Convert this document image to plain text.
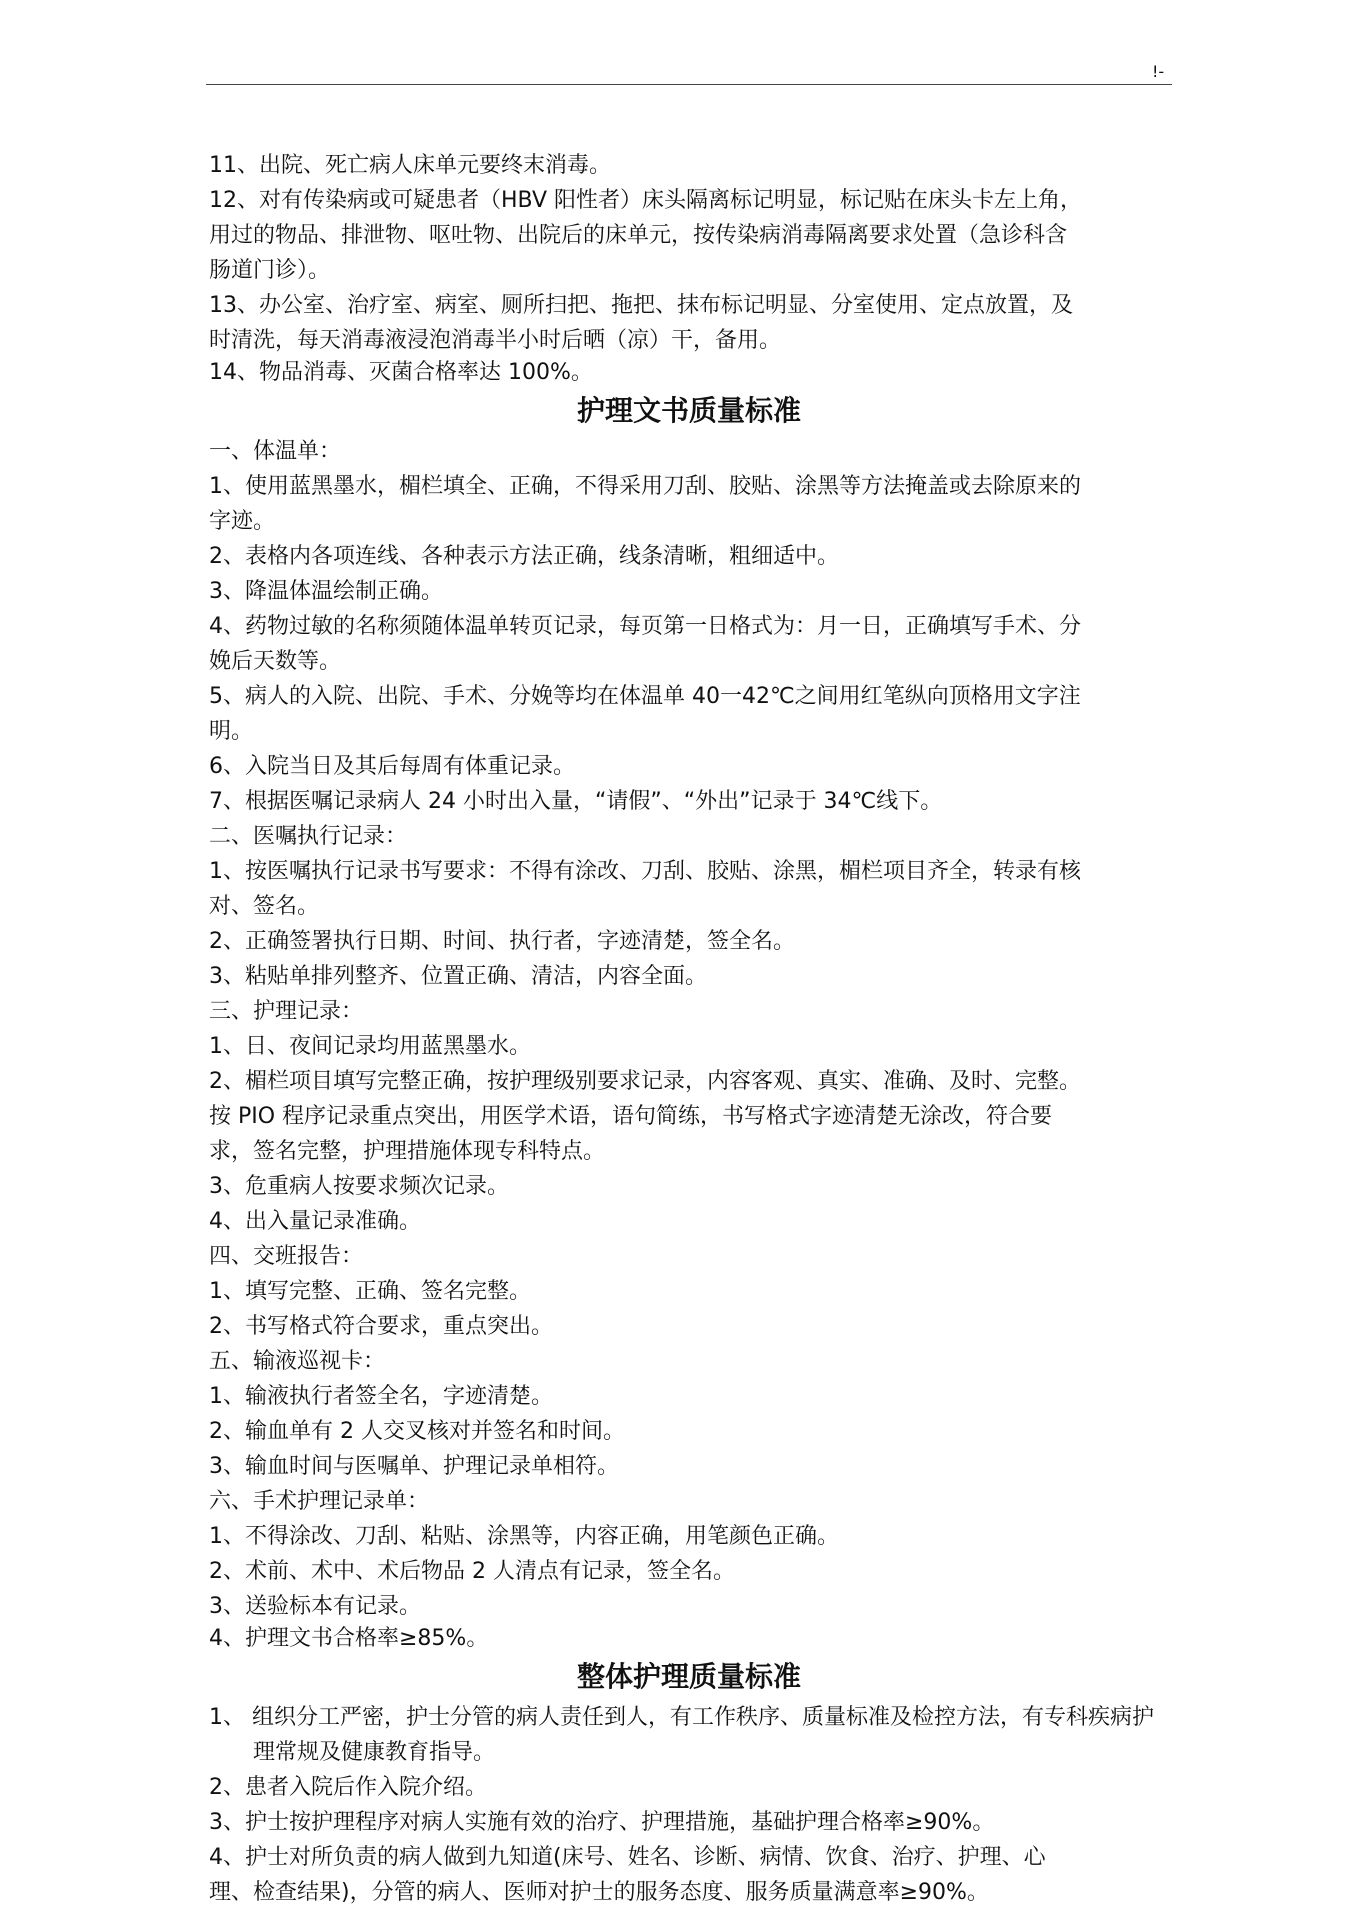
!-
11、出院、死亡病人床单元要终末消毒。
12、对有传染病或可疑患者（HBV 阳性者）床头隔离标记明显，标记贴在床头卡左上角，
用过的物品、排泄物、呕吐物、出院后的床单元，按传染病消毒隔离要求处置（急诊科含
肠道门诊）。
13、办公室、治疗室、病室、厕所扫把、拖把、抹布标记明显、分室使用、定点放置，及
时清洗，每天消毒液浸泡消毒半小时后晒（凉）干，备用。
14、物品消毒、灭菌合格率达 100%。
护理文书质量标准
一、体温单：
1、使用蓝黑墨水，楣栏填全、正确，不得采用刀刮、胶贴、涂黑等方法掩盖或去除原来的
字迹。
2、表格内各项连线、各种表示方法正确，线条清晰，粗细适中。
3、降温体温绘制正确。
4、药物过敏的名称须随体温单转页记录，每页第一日格式为：月一日，正确填写手术、分
娩后天数等。
5、病人的入院、出院、手术、分娩等均在体温单 40一42℃之间用红笔纵向顶格用文字注
明。
6、入院当日及其后每周有体重记录。
7、根据医嘱记录病人 24 小时出入量，“请假”、“外出”记录于 34℃线下。
二、医嘱执行记录：
1、按医嘱执行记录书写要求：不得有涂改、刀刮、胶贴、涂黑，楣栏项目齐全，转录有核
对、签名。
2、正确签署执行日期、时间、执行者，字迹清楚，签全名。
3、粘贴单排列整齐、位置正确、清洁，内容全面。
三、护理记录：
1、日、夜间记录均用蓝黑墨水。
2、楣栏项目填写完整正确，按护理级别要求记录，内容客观、真实、准确、及时、完整。
按 PIO 程序记录重点突出，用医学术语，语句简练，书写格式字迹清楚无涂改，符合要
求，签名完整，护理措施体现专科特点。
3、危重病人按要求频次记录。
4、出入量记录准确。
四、交班报告：
1、填写完整、正确、签名完整。
2、书写格式符合要求，重点突出。
五、输液巡视卡：
1、输液执行者签全名，字迹清楚。
2、输血单有 2 人交叉核对并签名和时间。
3、输血时间与医嘱单、护理记录单相符。
六、手术护理记录单：
1、不得涂改、刀刮、粘贴、涂黑等，内容正确，用笔颜色正确。
2、术前、术中、术后物品 2 人清点有记录，签全名。
3、送验标本有记录。
4、护理文书合格率≥85%。
整体护理质量标准
1、 组织分工严密，护士分管的病人责任到人，有工作秩序、质量标准及检控方法，有专科疾病护理常规及健康教育指导。
2、患者入院后作入院介绍。
3、护士按护理程序对病人实施有效的治疗、护理措施，基础护理合格率≥90%。
4、护士对所负责的病人做到九知道(床号、姓名、诊断、病情、饮食、治疗、护理、心
理、检查结果)，分管的病人、医师对护士的服务态度、服务质量满意率≥90%。
